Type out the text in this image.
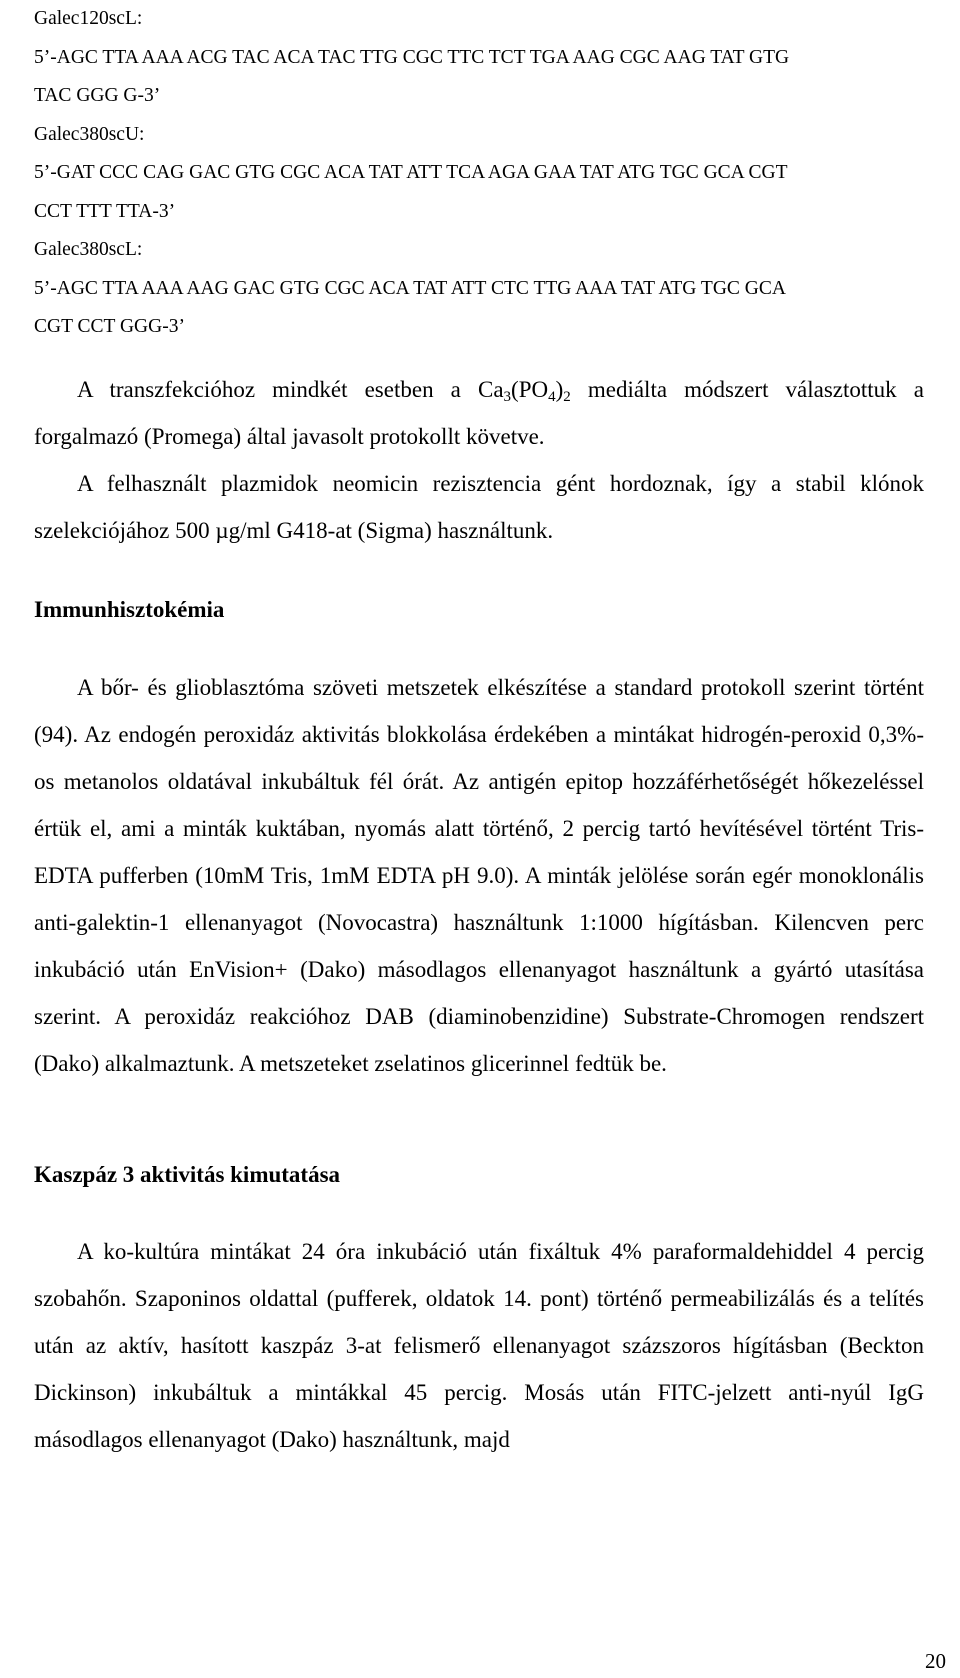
Galec120scL:
5’-AGC TTA AAA ACG TAC ACA TAC TTG CGC TTC TCT TGA AAG CGC AAG TAT GTG
TAC GGG G-3’
Galec380scU:
5’-GAT CCC CAG GAC GTG CGC ACA TAT ATT TCA AGA GAA TAT ATG TGC GCA CGT
CCT TTT TTA-3’
Galec380scL:
5’-AGC TTA AAA AAG GAC GTG CGC ACA TAT ATT CTC TTG AAA TAT ATG TGC GCA
CGT CCT GGG-3’

A transzfekcióhoz mindkét esetben a $Ca_3(PO_4)_2$ mediálta módszert választottuk a forgalmazó (Promega) által javasolt protokollt követve.

A felhasznált plazmidok neomicin rezisztencia gént hordoznak, így a stabil klónok szelekciójához 500 µg/ml G418-at (Sigma) használtunk.

Immunhisztokémia

A bőr- és glioblasztóma szöveti metszetek elkészítése a standard protokoll szerint történt (94). Az endogén peroxidáz aktivitás blokkolása érdekében a mintákat hidrogén-peroxid 0,3%-os metanolos oldatával inkubáltuk fél órát. Az antigén epitop hozzáférhetőségét hőkezeléssel értük el, ami a minták kuktában, nyomás alatt történő, 2 percig tartó hevítésével történt Tris-EDTA pufferben (10mM Tris, 1mM EDTA pH 9.0). A minták jelölése során egér monoklonális anti-galektin-1 ellenanyagot (Novocastra) használtunk 1:1000 hígításban. Kilencven perc inkubáció után EnVision+ (Dako) másodlagos ellenanyagot használtunk a gyártó utasítása szerint. A peroxidáz reakcióhoz DAB (diaminobenzidine) Substrate-Chromogen rendszert (Dako) alkalmaztunk. A metszeteket zselatinos glicerinnel fedtük be.

Kaszpáz 3 aktivitás kimutatása

A ko-kultúra mintákat 24 óra inkubáció után fixáltuk 4% paraformaldehiddel 4 percig szobahőn. Szaponinos oldattal (pufferek, oldatok 14. pont) történő permeabilizálás és a telítés után az aktív, hasított kaszpáz 3-at felismerő ellenanyagot százszoros hígításban (Beckton Dickinson) inkubáltuk a mintákkal 45 percig. Mosás után FITC-jelzett anti-nyúl IgG másodlagos ellenanyagot (Dako) használtunk, majd

20
